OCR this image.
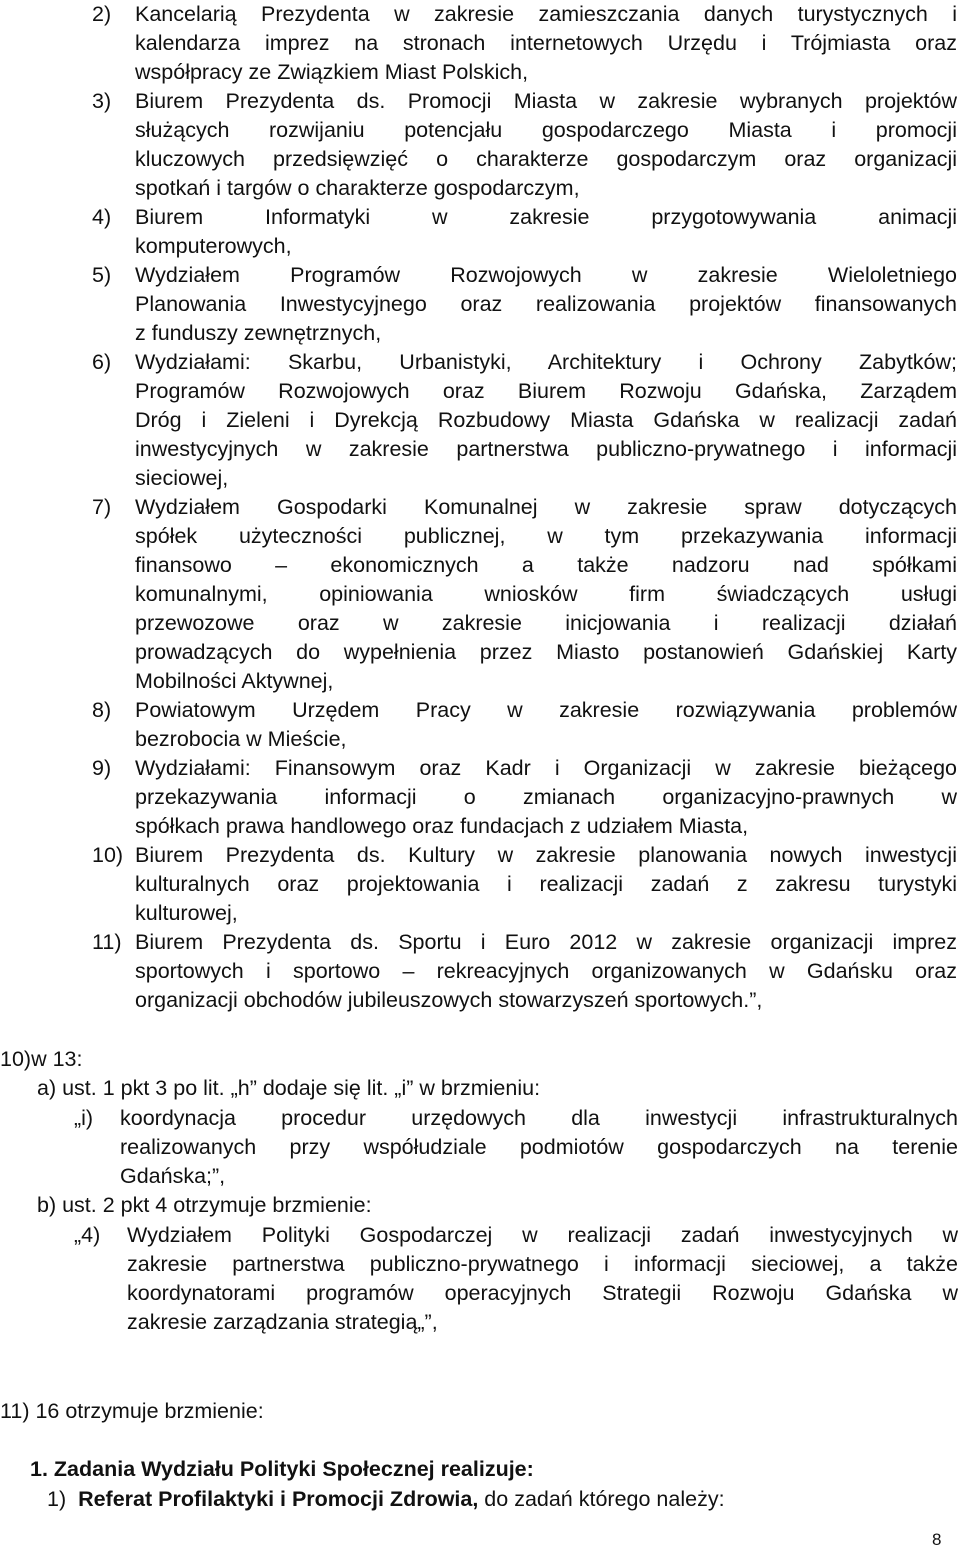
2) Kancelarią Prezydenta w zakresie zamieszczania danych turystycznych i
kalendarza imprez na stronach internetowych Urzędu i Trójmiasta oraz
współpracy ze Związkiem Miast Polskich,
3) Biurem Prezydenta ds. Promocji Miasta w zakresie wybranych projektów
służących rozwijaniu potencjału gospodarczego Miasta i promocji
kluczowych przedsięwzięć o charakterze gospodarczym oraz organizacji
spotkań i targów o charakterze gospodarczym,
4) Biurem Informatyki w zakresie przygotowywania animacji
komputerowych,
5) Wydziałem Programów Rozwojowych w zakresie Wieloletniego
Planowania Inwestycyjnego oraz realizowania projektów finansowanych
z funduszy zewnętrznych,
6) Wydziałami: Skarbu, Urbanistyki, Architektury i Ochrony Zabytków;
Programów Rozwojowych oraz Biurem Rozwoju Gdańska, Zarządem
Dróg i Zieleni i Dyrekcją Rozbudowy Miasta Gdańska w realizacji zadań
inwestycyjnych w zakresie partnerstwa publiczno-prywatnego i informacji
sieciowej,
7) Wydziałem Gospodarki Komunalnej w zakresie spraw dotyczących
spółek użyteczności publicznej, w tym przekazywania informacji
finansowo – ekonomicznych a także nadzoru nad spółkami
komunalnymi, opiniowania wniosków firm świadczących usługi
przewozowe oraz w zakresie inicjowania i realizacji działań
prowadzących do wypełnienia przez Miasto postanowień Gdańskiej Karty
Mobilności Aktywnej,
8) Powiatowym Urzędem Pracy w zakresie rozwiązywania problemów
bezrobocia w Mieście,
9) Wydziałami: Finansowym oraz Kadr i Organizacji w zakresie bieżącego
przekazywania informacji o zmianach organizacyjno-prawnych w
spółkach prawa handlowego oraz fundacjach z udziałem Miasta,
10) Biurem Prezydenta ds. Kultury w zakresie planowania nowych inwestycji
kulturalnych oraz projektowania i realizacji zadań z zakresu turystyki
kulturowej,
11) Biurem Prezydenta ds. Sportu i Euro 2012 w zakresie organizacji imprez
sportowych i sportowo – rekreacyjnych organizowanych w Gdańsku oraz
organizacji obchodów jubileuszowych stowarzyszeń sportowych.”,
10)w 13:
a) ust. 1 pkt 3 po lit. „h” dodaje się lit. „i” w brzmieniu:
„i) koordynacja procedur urzędowych dla inwestycji infrastrukturalnych
realizowanych przy współudziale podmiotów gospodarczych na terenie
Gdańska;”,
b) ust. 2 pkt 4 otrzymuje brzmienie:
„4) Wydziałem Polityki Gospodarczej w realizacji zadań inwestycyjnych w
zakresie partnerstwa publiczno-prywatnego i informacji sieciowej, a także
koordynatorami programów operacyjnych Strategii Rozwoju Gdańska w
zakresie zarządzania strategią„”,
11) 16 otrzymuje brzmienie:
1. Zadania Wydziału Polityki Społecznej realizuje:
1) Referat Profilaktyki i Promocji Zdrowia, do zadań którego należy:
8
